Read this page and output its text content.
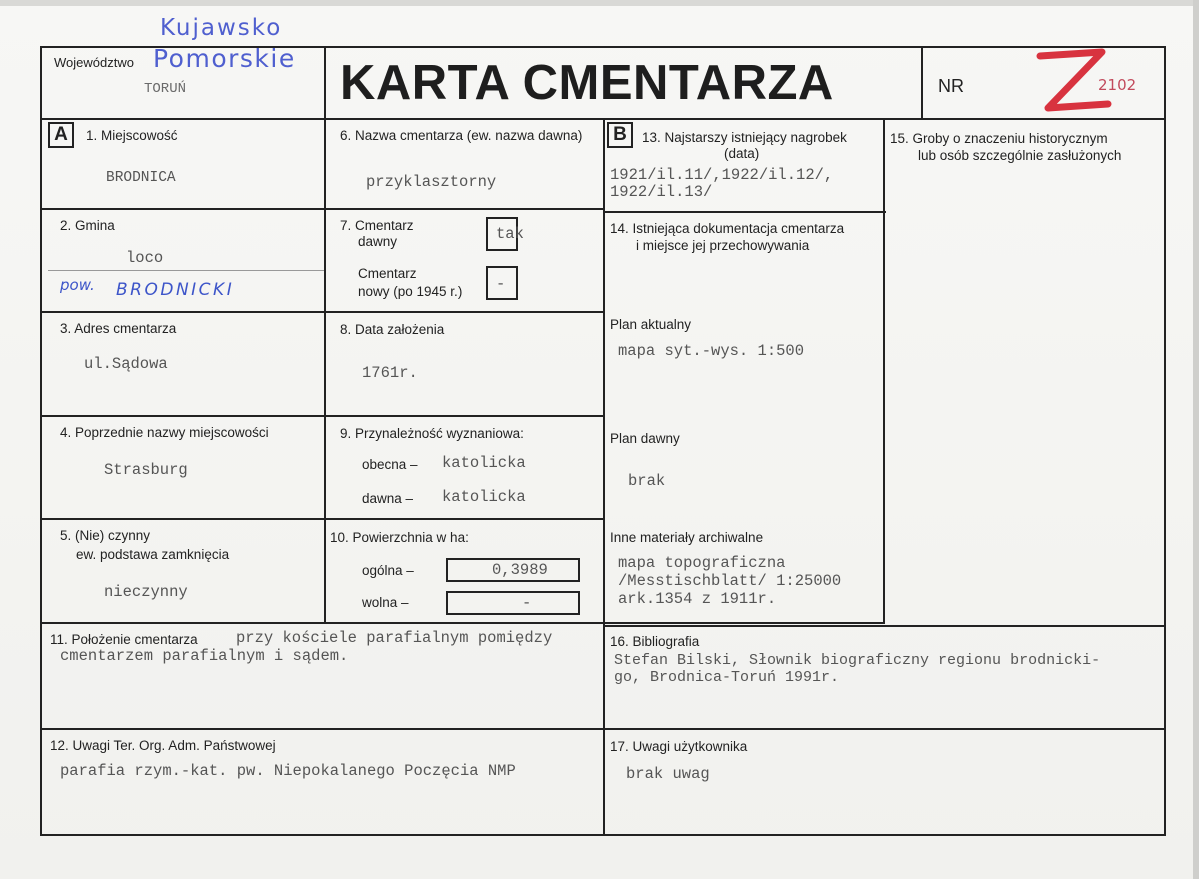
Województwo
Kujawsko
Pomorskie
TORUŃ	KARTA CMENTARZA	NR	2102
A	B
1. Miejscowość
BRODNICA
2. Gmina
loco
pow. BRODNICKI
3. Adres cmentarza
ul.Sądowa
4. Poprzednie nazwy miejscowości
Strasburg
5. (Nie) czynny
ew. podstawa zamknięcia
nieczynny
6. Nazwa cmentarza (ew. nazwa dawna)
przyklasztorny
7. Cmentarz
dawny	tak
Cmentarz
nowy (po 1945 r.) -
8. Data założenia
1761r.
9. Przynależność wyznaniowa:
obecna – katolicka
dawna – katolicka
10. Powierzchnia w ha:
ogólna –	0,3989
wolna –	-
11. Położenie cmentarza przy kościele parafialnym pomiędzy
cmentarzem parafialnym i sądem.
12. Uwagi Ter. Org. Adm. Państwowej
parafia rzym.-kat. pw. Niepokalanego Poczęcia NMP
13. Najstarszy istniejący nagrobek
(data)
1921/il.11/,1922/il.12/,
1922/il.13/
14. Istniejąca dokumentacja cmentarza
i miejsce jej przechowywania
Plan aktualny
mapa syt.-wys. 1:500
Plan dawny
brak
Inne materiały archiwalne
mapa topograficzna
/Messtischblatt/ 1:25000
ark.1354 z 1911r.
15. Groby o znaczeniu historycznym
lub osób szczególnie zasłużonych
16. Bibliografia
Stefan Bilski, Słownik biograficzny regionu brodnicki-
go, Brodnica-Toruń 1991r.
17. Uwagi użytkownika
brak uwag
